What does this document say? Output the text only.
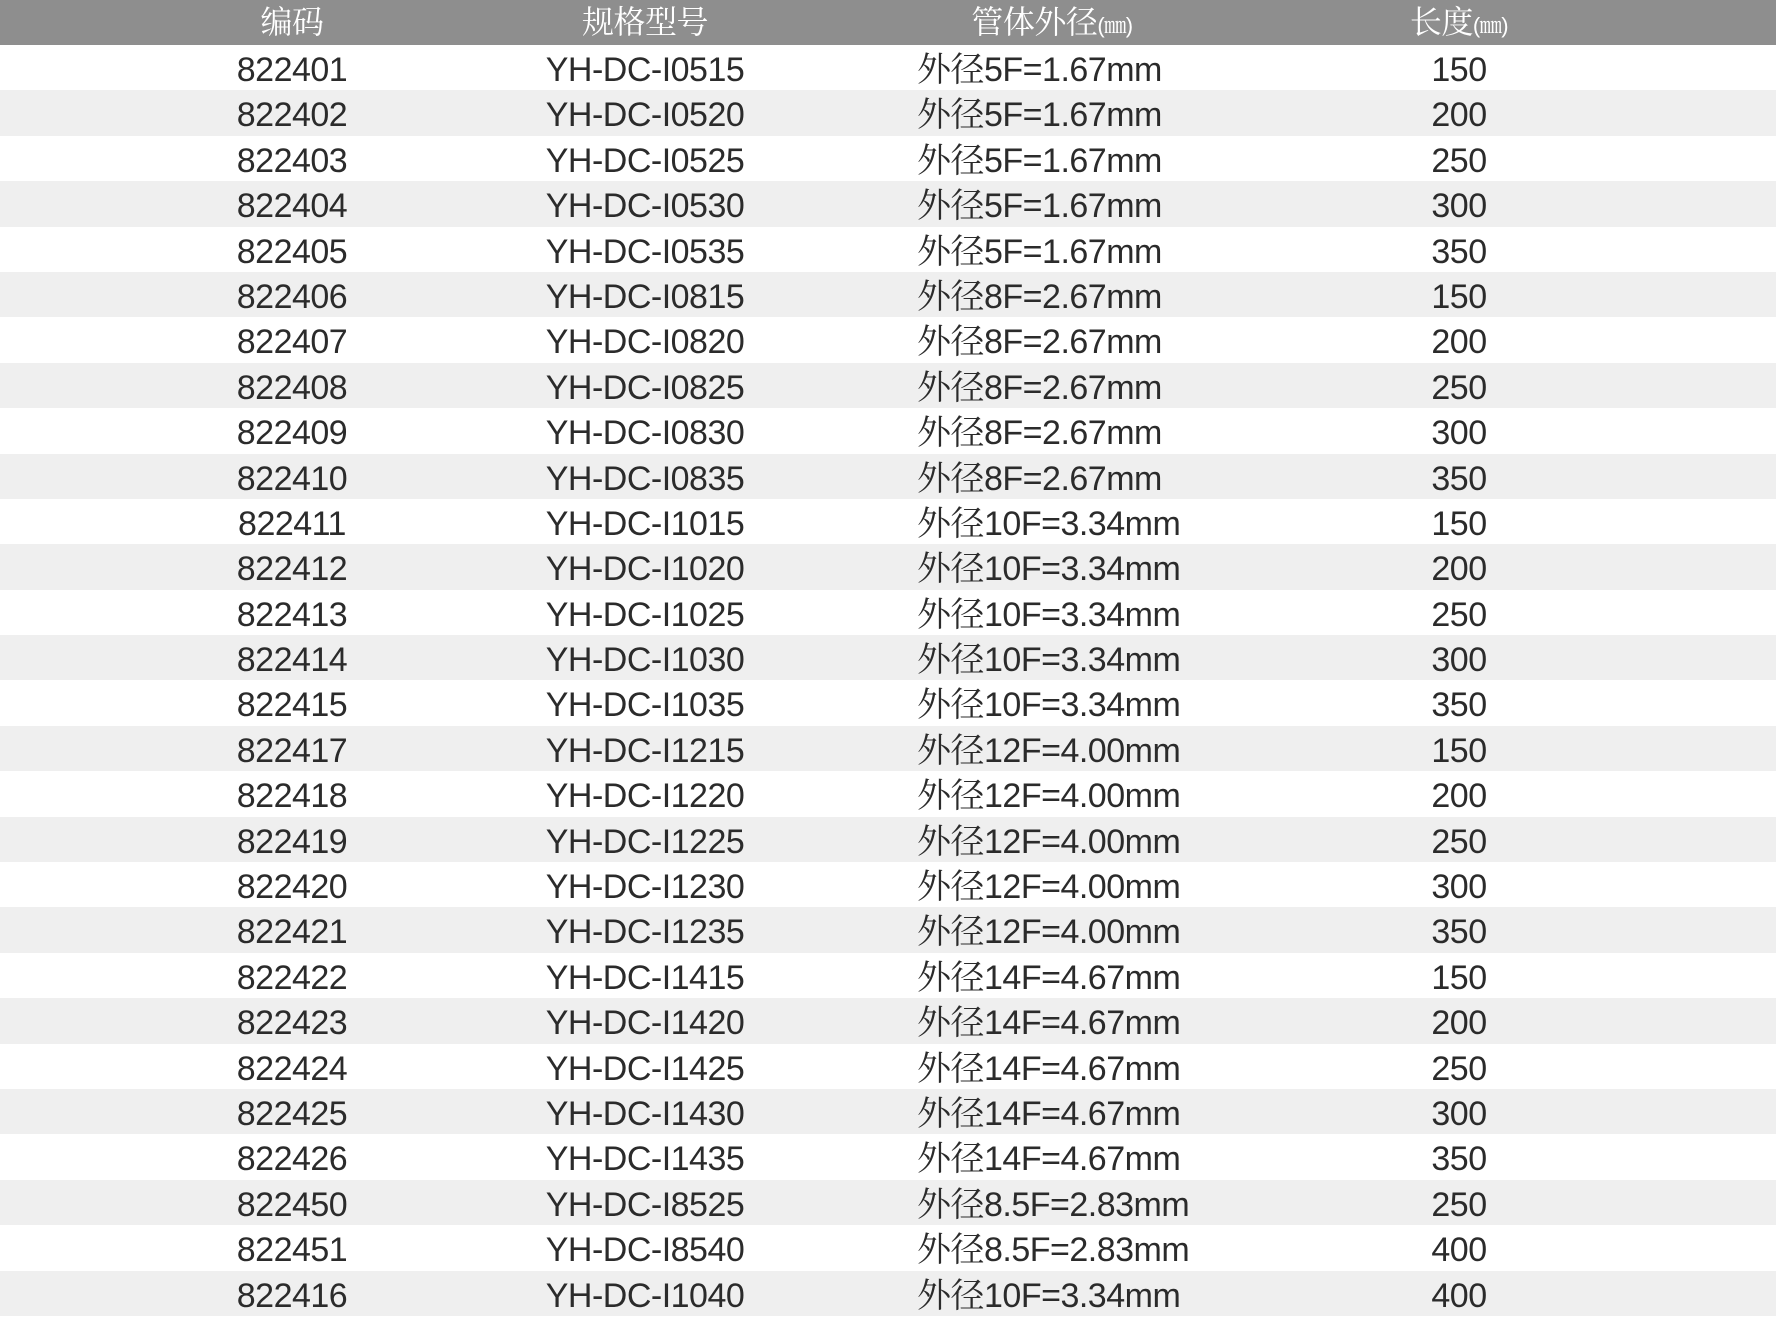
编码	规格型号	管体外径(㎜)	长度(㎜)
822401	YH-DC-I0515	外径5F=1.67mm	150
822402	YH-DC-I0520	外径5F=1.67mm	200
822403	YH-DC-I0525	外径5F=1.67mm	250
822404	YH-DC-I0530	外径5F=1.67mm	300
822405	YH-DC-I0535	外径5F=1.67mm	350
822406	YH-DC-I0815	外径8F=2.67mm	150
822407	YH-DC-I0820	外径8F=2.67mm	200
822408	YH-DC-I0825	外径8F=2.67mm	250
822409	YH-DC-I0830	外径8F=2.67mm	300
822410	YH-DC-I0835	外径8F=2.67mm	350
822411	YH-DC-I1015	外径10F=3.34mm	150
822412	YH-DC-I1020	外径10F=3.34mm	200
822413	YH-DC-I1025	外径10F=3.34mm	250
822414	YH-DC-I1030	外径10F=3.34mm	300
822415	YH-DC-I1035	外径10F=3.34mm	350
822417	YH-DC-I1215	外径12F=4.00mm	150
822418	YH-DC-I1220	外径12F=4.00mm	200
822419	YH-DC-I1225	外径12F=4.00mm	250
822420	YH-DC-I1230	外径12F=4.00mm	300
822421	YH-DC-I1235	外径12F=4.00mm	350
822422	YH-DC-I1415	外径14F=4.67mm	150
822423	YH-DC-I1420	外径14F=4.67mm	200
822424	YH-DC-I1425	外径14F=4.67mm	250
822425	YH-DC-I1430	外径14F=4.67mm	300
822426	YH-DC-I1435	外径14F=4.67mm	350
822450	YH-DC-I8525	外径8.5F=2.83mm	250
822451	YH-DC-I8540	外径8.5F=2.83mm	400
822416	YH-DC-I1040	外径10F=3.34mm	400
